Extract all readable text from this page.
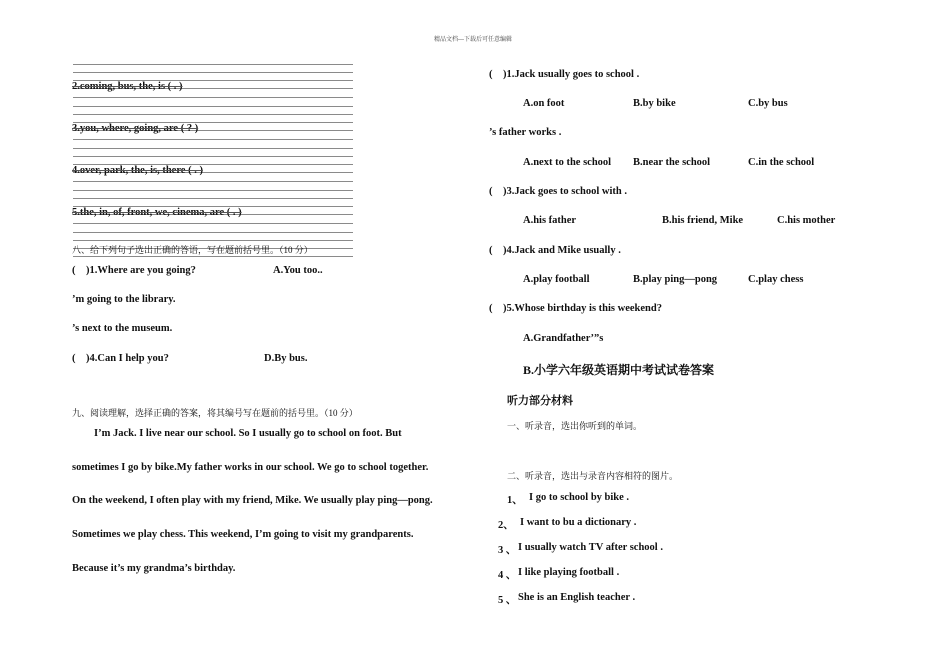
精品文档---下载后可任意编辑
2.coming, bus, the, is ( . )
3.you, where, going, are ( ? )
4.over, park, the, is, there ( . )
5.the, in, of, front, we, cinema, are ( . )
八、给下列句子选出正确的答语，写在题前括号里。（10 分）
( )1.Where are you going?	A.You too..
’m going to the library.
’s next to the museum.
( )4.Can I help you?	D.By bus.
九、阅读理解，选择正确的答案，将其编号写在题前的括号里。（10 分）
I’m Jack. I live near our school. So I usually go to school on foot. But
sometimes I go by bike.My father works in our school. We go to school together.
On the weekend, I often play with my friend, Mike. We usually play ping—pong.
Sometimes we play chess. This weekend, I’m going to visit my grandparents.
Because it’s my grandma’s birthday.
( )1.Jack usually goes to school .
A.on foot	B.by bike	C.by bus
’s father works .
A.next to the school B.near the school	C.in the school
( )3.Jack goes to school with .
A.his father	B.his friend, Mike	C.his mother
( )4.Jack and Mike usually .
A.play football	B.play ping—pong	C.play chess
( )5.Whose birthday is this weekend?
A.Grandfather’”s
B.小学六年级英语期中考试试卷答案
听力部分材料
一、听录音，选出你听到的单词。
二、听录音，选出与录音内容相符的图片。
1、 I go to school by bike .
2、 I want to bu a dictionary .
3 、 I usually watch TV after school .
4 、 I like playing football .
5 、 She is an English teacher .
